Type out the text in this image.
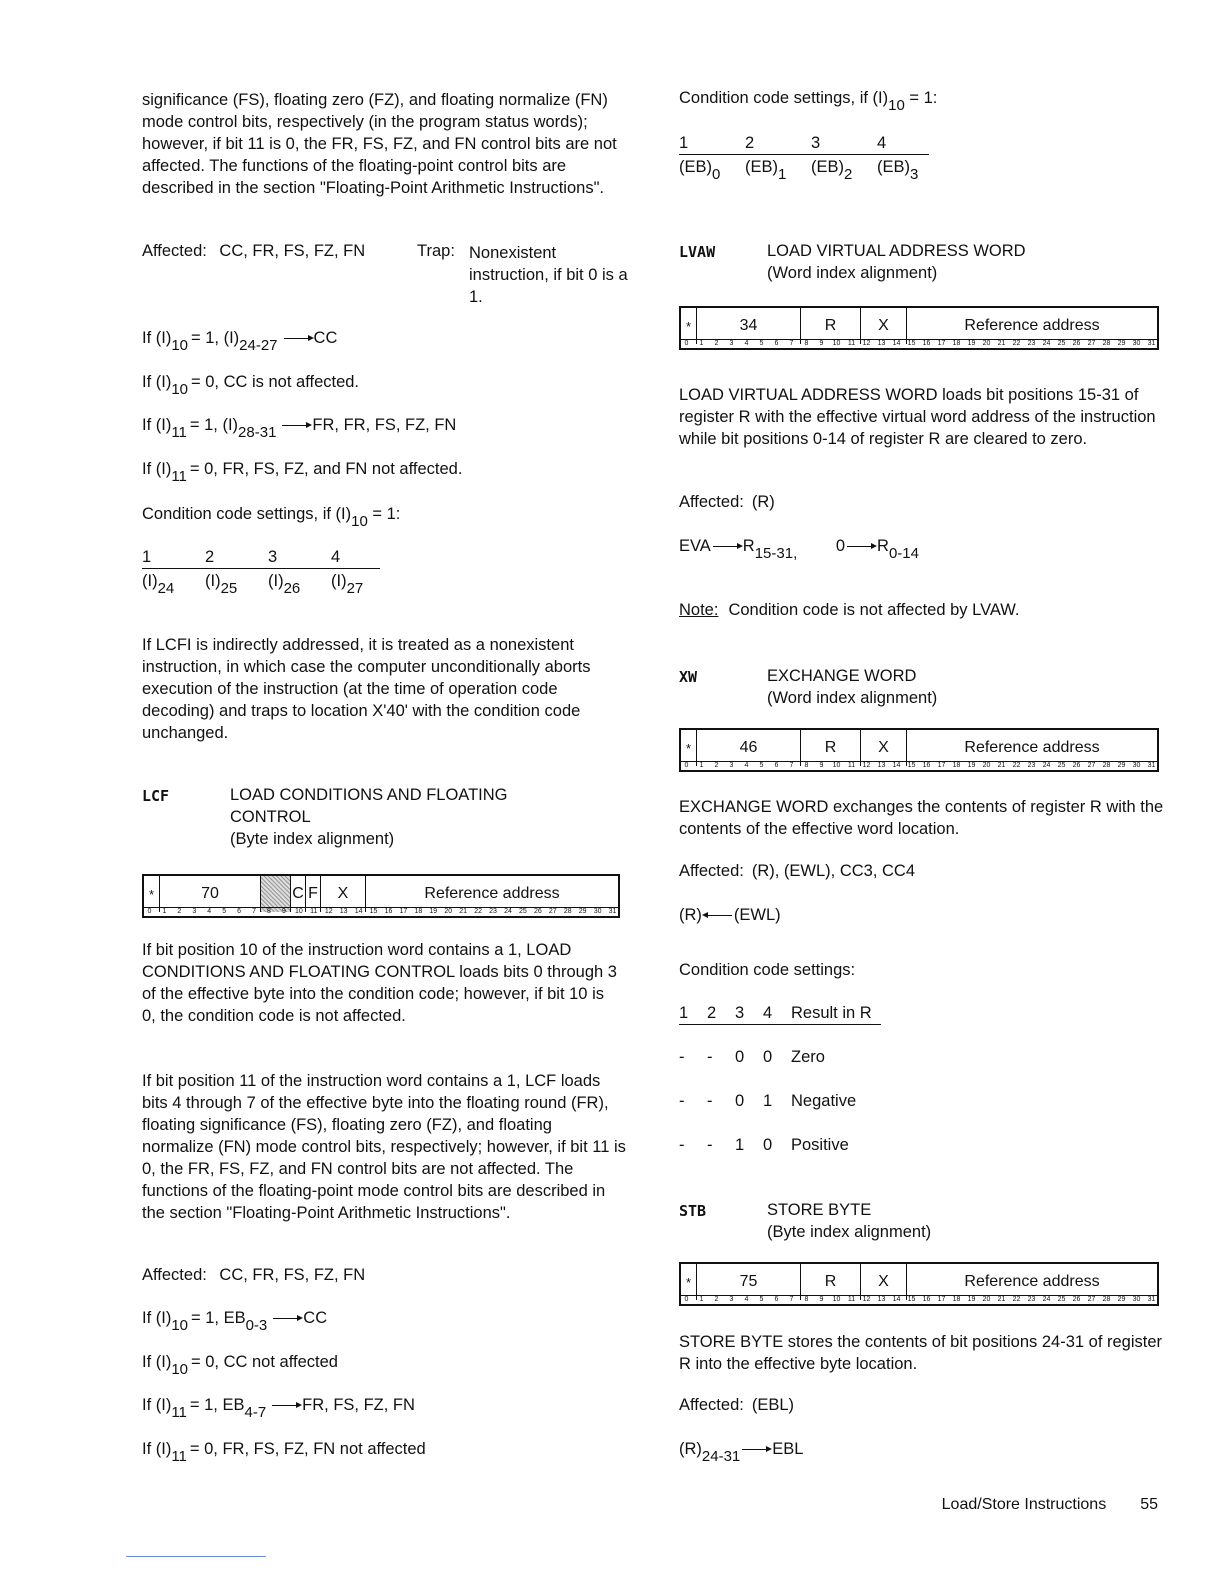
significance (FS), floating zero (FZ), and floating normalize (FN) mode control bits, respectively (in the program status words); however, if bit 11 is 0, the FR, FS, FZ, and FN control bits are not affected. The functions of the floating-point control bits are described in the section "Floating-Point Arithmetic Instructions".

Affected: CC, FR, FS, FZ, FN	Trap: Nonexistent instruction, if bit 0 is a 1.
If (I)10 = 1, (I)24-27 CC
If (I)10 = 0, CC is not affected.
If (I)11 = 1, (I)28-31 FR, FR, FS, FZ, FN
If (I)11 = 0, FR, FS, FZ, and FN not affected.
Condition code settings, if (I)10 = 1:
1	2	3	4
(I)24 (I)25 (I)26 (I)27

If LCFI is indirectly addressed, it is treated as a nonexistent instruction, in which case the computer unconditionally aborts execution of the instruction (at the time of operation code decoding) and traps to location X'40' with the condition code unchanged.

LCF	LOAD CONDITIONS AND FLOATING
CONTROL
(Byte index alignment)
*	70	C F	X	Reference address
0	1	2	3	4	5	6	7	8	9	10	11	12	13	14	15	16	17	18	19	20	21	22	23	24	25	26	27	28	29	30	31

If bit position 10 of the instruction word contains a 1, LOAD CONDITIONS AND FLOATING CONTROL loads bits 0 through 3 of the effective byte into the condition code; however, if bit 10 is 0, the condition code is not affected.

If bit position 11 of the instruction word contains a 1, LCF loads bits 4 through 7 of the effective byte into the floating round (FR), floating significance (FS), floating zero (FZ), and floating normalize (FN) mode control bits, respectively; however, if bit 11 is 0, the FR, FS, FZ, and FN control bits are not affected. The functions of the floating-point mode control bits are described in the section "Floating-Point Arithmetic Instructions".

Affected: CC, FR, FS, FZ, FN
If (I)10 = 1, EB0-3 CC
If (I)10 = 0, CC not affected
If (I)11 = 1, EB4-7 FR, FS, FZ, FN
If (I)11 = 0, FR, FS, FZ, FN not affected
Condition code settings, if (I)10 = 1:
1	2	3	4
(EB)0 (EB)1 (EB)2 (EB)3
LVAW	LOAD VIRTUAL ADDRESS WORD
(Word index alignment)
*	34	R	X	Reference address
0	1	2	3	4	5	6	7	8	9	10	11	12	13	14	15	16	17	18	19	20	21	22	23	24	25	26	27	28	29	30	31

LOAD VIRTUAL ADDRESS WORD loads bit positions 15-31 of register R with the effective virtual word address of the instruction while bit positions 0-14 of register R are cleared to zero.

Affected: (R)
EVA R15-31, 0 R0-14
Note: Condition code is not affected by LVAW.
XW	EXCHANGE WORD
(Word index alignment)
*	46	R	X	Reference address
0	1	2	3	4	5	6	7	8	9	10	11	12	13	14	15	16	17	18	19	20	21	22	23	24	25	26	27	28	29	30	31

EXCHANGE WORD exchanges the contents of register R with the contents of the effective word location.

Affected: (R), (EWL), CC3, CC4
(R) (EWL)
Condition code settings:
1 2 3 4 Result in R
- - 0 0 Zero
- - 0 1 Negative
- - 1 0 Positive
STB	STORE BYTE
(Byte index alignment)
*	75	R	X	Reference address
0	1	2	3	4	5	6	7	8	9	10	11	12	13	14	15	16	17	18	19	20	21	22	23	24	25	26	27	28	29	30	31

STORE BYTE stores the contents of bit positions 24-31 of register R into the effective byte location.

Affected: (EBL)
(R)24-31 EBL
Load/Store Instructions 55
